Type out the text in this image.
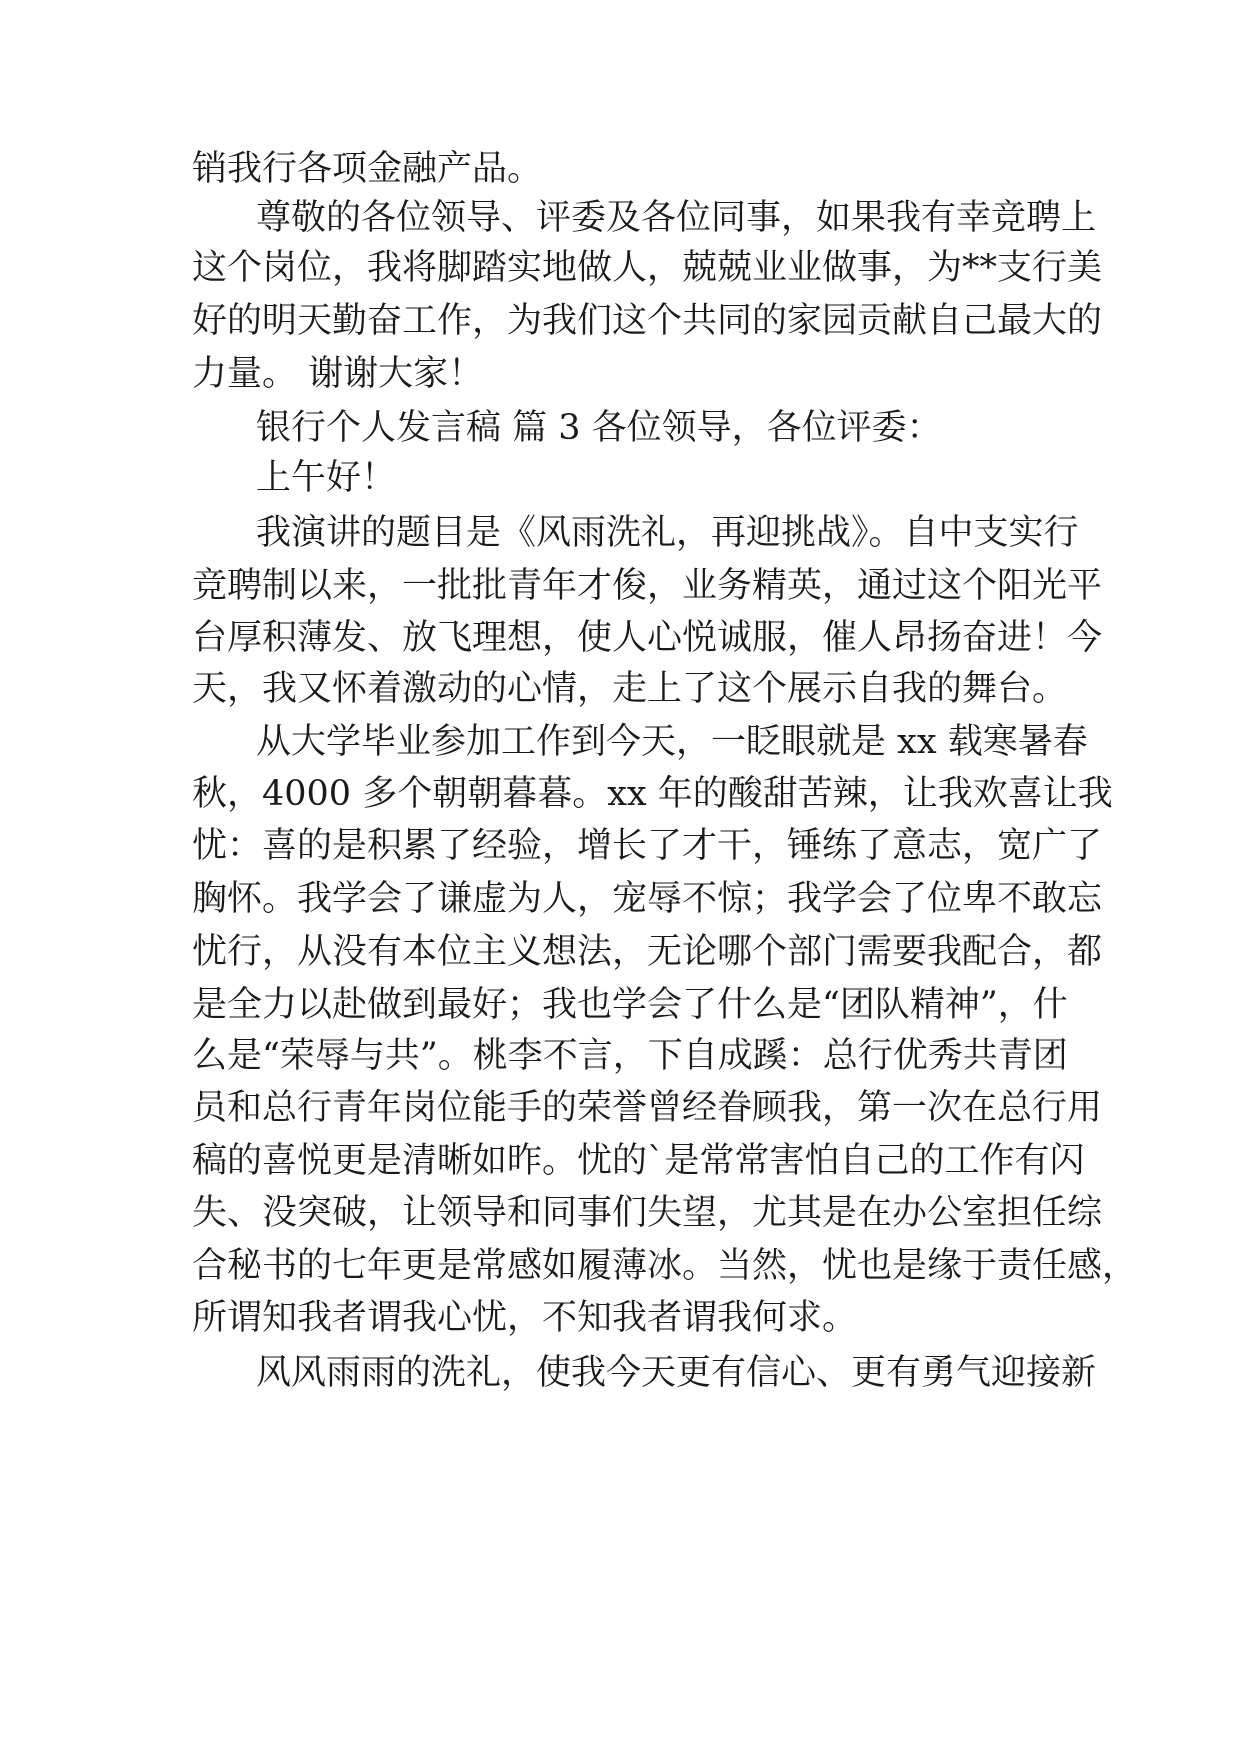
销我行各项金融产品。
尊敬的各位领导、评委及各位同事，如果我有幸竞聘上
这个岗位，我将脚踏实地做人，兢兢业业做事，为**支行美
好的明天勤奋工作，为我们这个共同的家园贡献自己最大的
力量。 谢谢大家！
银行个人发言稿 篇 3 各位领导，各位评委：
上午好！
我演讲的题目是《风雨洗礼，再迎挑战》。自中支实行
竞聘制以来，一批批青年才俊，业务精英，通过这个阳光平
台厚积薄发、放飞理想，使人心悦诚服，催人昂扬奋进！今
天，我又怀着激动的心情，走上了这个展示自我的舞台。
从大学毕业参加工作到今天，一眨眼就是 xx 载寒暑春
秋，4000 多个朝朝暮暮。xx 年的酸甜苦辣，让我欢喜让我
忧：喜的是积累了经验，增长了才干，锤练了意志，宽广了
胸怀。我学会了谦虚为人，宠辱不惊；我学会了位卑不敢忘
忧行，从没有本位主义想法，无论哪个部门需要我配合，都
是全力以赴做到最好；我也学会了什么是“团队精神”，什
么是“荣辱与共”。桃李不言，下自成蹊：总行优秀共青团
员和总行青年岗位能手的荣誉曾经眷顾我，第一次在总行用
稿的喜悦更是清晰如昨。忧的`是常常害怕自己的工作有闪
失、没突破，让领导和同事们失望，尤其是在办公室担任综
合秘书的七年更是常感如履薄冰。当然，忧也是缘于责任感，
所谓知我者谓我心忧，不知我者谓我何求。
风风雨雨的洗礼，使我今天更有信心、更有勇气迎接新
